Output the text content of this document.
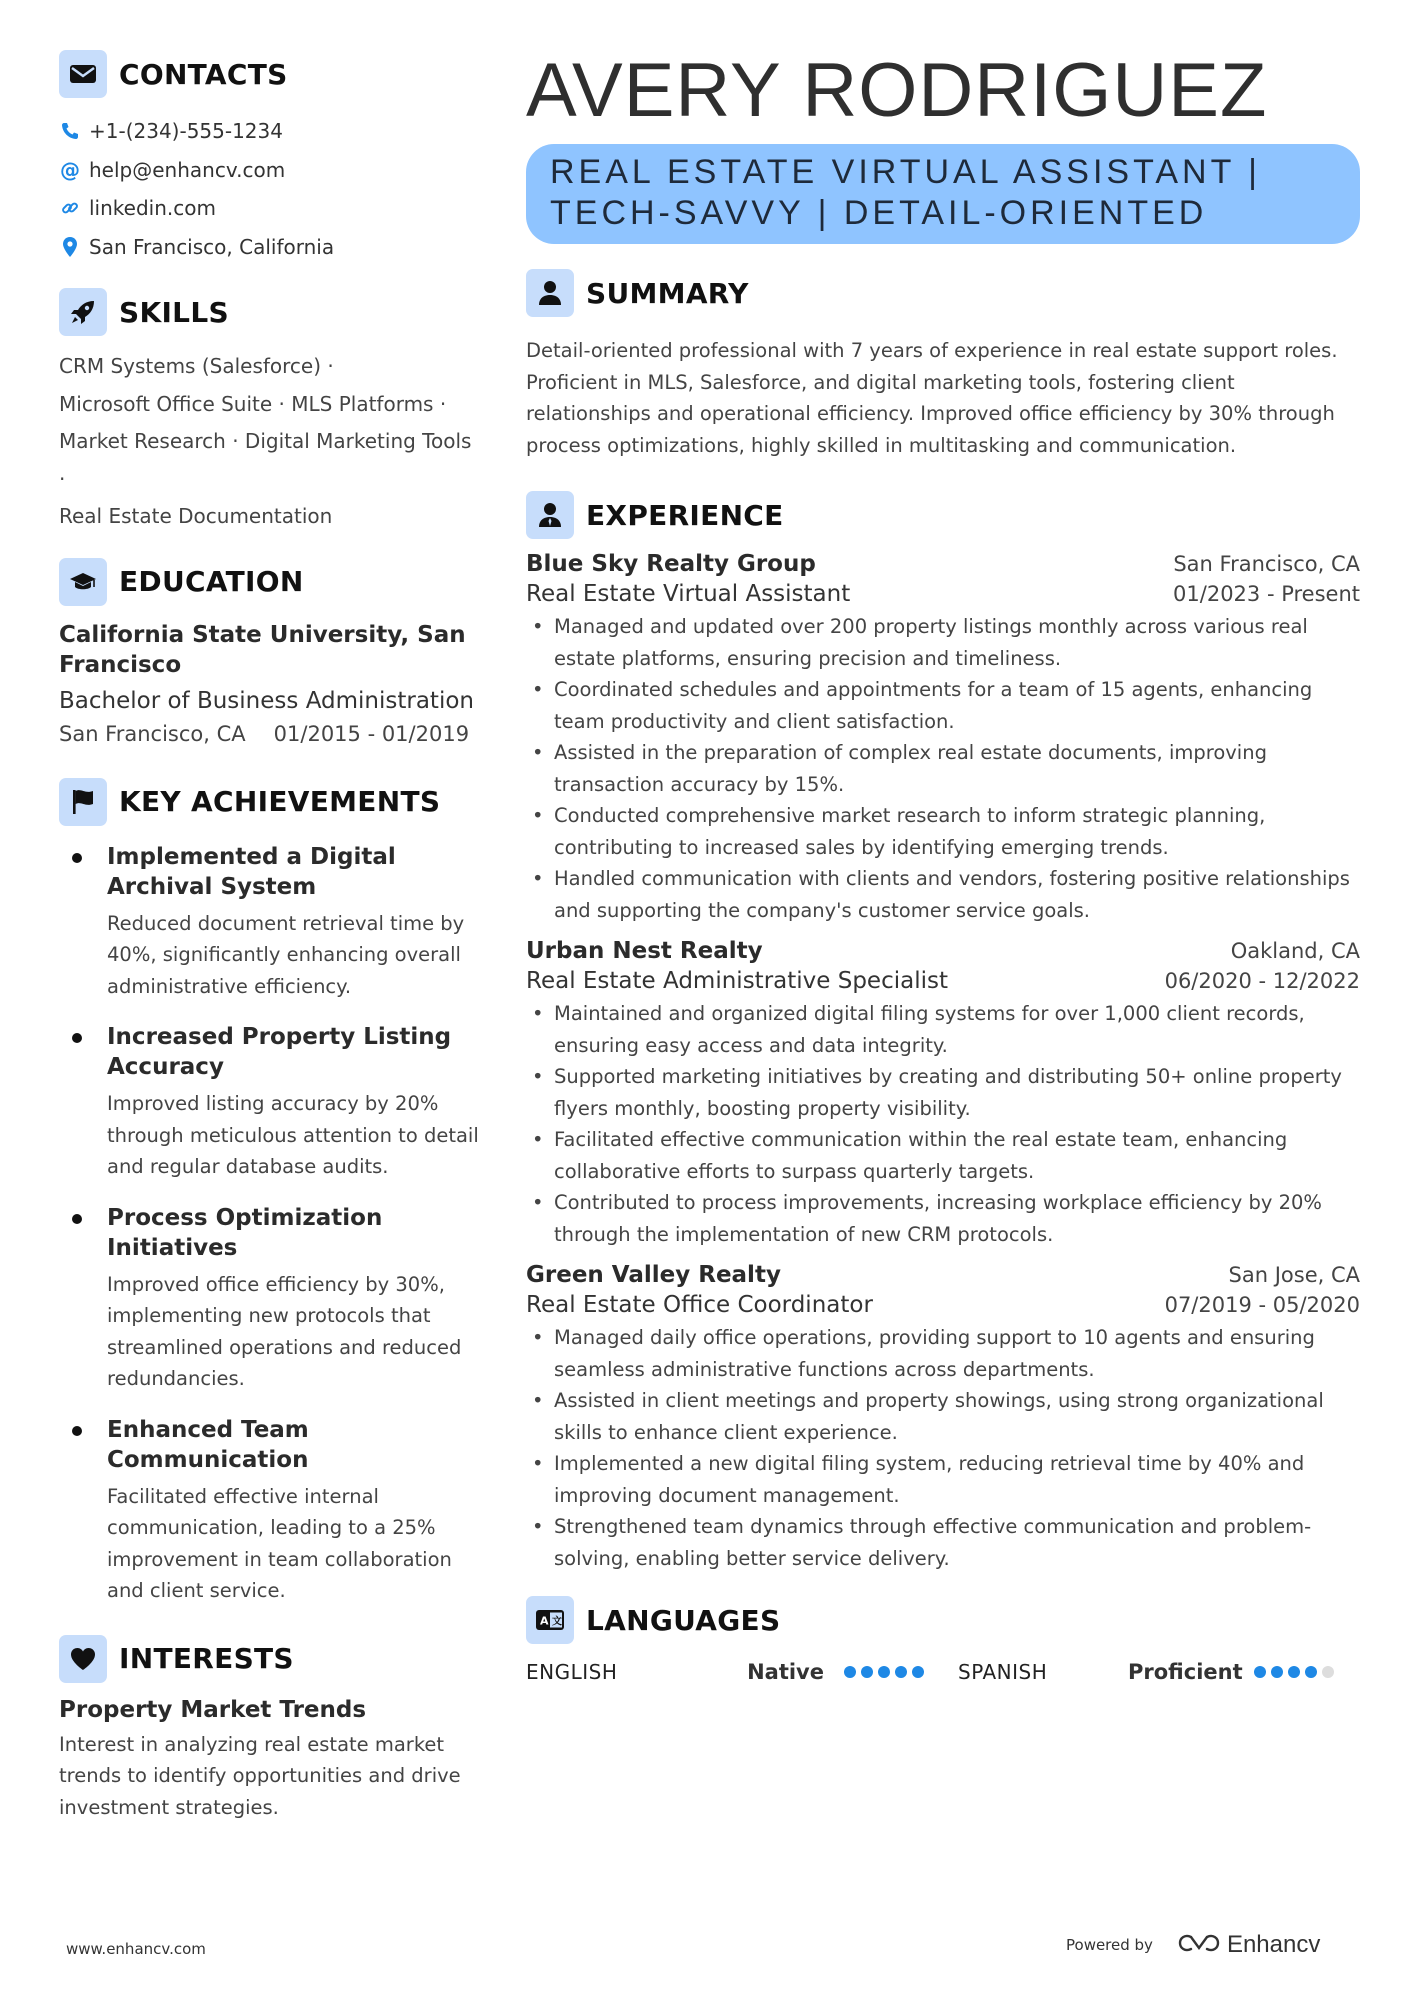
CONTACTS
+1-(234)-555-1234
@ help@enhancv.com
linkedin.com
San Francisco, California
SKILLS
CRM Systems (Salesforce) ·
Microsoft Office Suite · MLS Platforms ·
Market Research · Digital Marketing Tools ·
Real Estate Documentation
EDUCATION
California State University, San Francisco
Bachelor of Business Administration
San Francisco, CA 01/2015 - 01/2019
KEY ACHIEVEMENTS
Implemented a Digital Archival System
Reduced document retrieval time by 40%, significantly enhancing overall administrative efficiency.
Increased Property Listing Accuracy
Improved listing accuracy by 20% through meticulous attention to detail and regular database audits.
Process Optimization Initiatives
Improved office efficiency by 30%, implementing new protocols that streamlined operations and reduced redundancies.
Enhanced Team Communication
Facilitated effective internal communication, leading to a 25% improvement in team collaboration and client service.
INTERESTS
Property Market Trends
Interest in analyzing real estate market trends to identify opportunities and drive investment strategies.
AVERY RODRIGUEZ
REAL ESTATE VIRTUAL ASSISTANT |
TECH-SAVVY | DETAIL-ORIENTED
SUMMARY
Detail-oriented professional with 7 years of experience in real estate support roles. Proficient in MLS, Salesforce, and digital marketing tools, fostering client relationships and operational efficiency. Improved office efficiency by 30% through process optimizations, highly skilled in multitasking and communication.
EXPERIENCE
Blue Sky Realty Group	San Francisco, CA
Real Estate Virtual Assistant	01/2023 - Present
• Managed and updated over 200 property listings monthly across various real estate platforms, ensuring precision and timeliness.
• Coordinated schedules and appointments for a team of 15 agents, enhancing team productivity and client satisfaction.
• Assisted in the preparation of complex real estate documents, improving transaction accuracy by 15%.
• Conducted comprehensive market research to inform strategic planning, contributing to increased sales by identifying emerging trends.
• Handled communication with clients and vendors, fostering positive relationships and supporting the company's customer service goals.
Urban Nest Realty	Oakland, CA
Real Estate Administrative Specialist	06/2020 - 12/2022
• Maintained and organized digital filing systems for over 1,000 client records, ensuring easy access and data integrity.
• Supported marketing initiatives by creating and distributing 50+ online property flyers monthly, boosting property visibility.
• Facilitated effective communication within the real estate team, enhancing collaborative efforts to surpass quarterly targets.
• Contributed to process improvements, increasing workplace efficiency by 20% through the implementation of new CRM protocols.
Green Valley Realty	San Jose, CA
Real Estate Office Coordinator	07/2019 - 05/2020
• Managed daily office operations, providing support to 10 agents and ensuring seamless administrative functions across departments.
• Assisted in client meetings and property showings, using strong organizational skills to enhance client experience.
• Implemented a new digital filing system, reducing retrieval time by 40% and improving document management.
• Strengthened team dynamics through effective communication and problem-solving, enabling better service delivery.
A 文 LANGUAGES
ENGLISH	Native	SPANISH	Proficient
www.enhancv.com	Powered by	Enhancv
